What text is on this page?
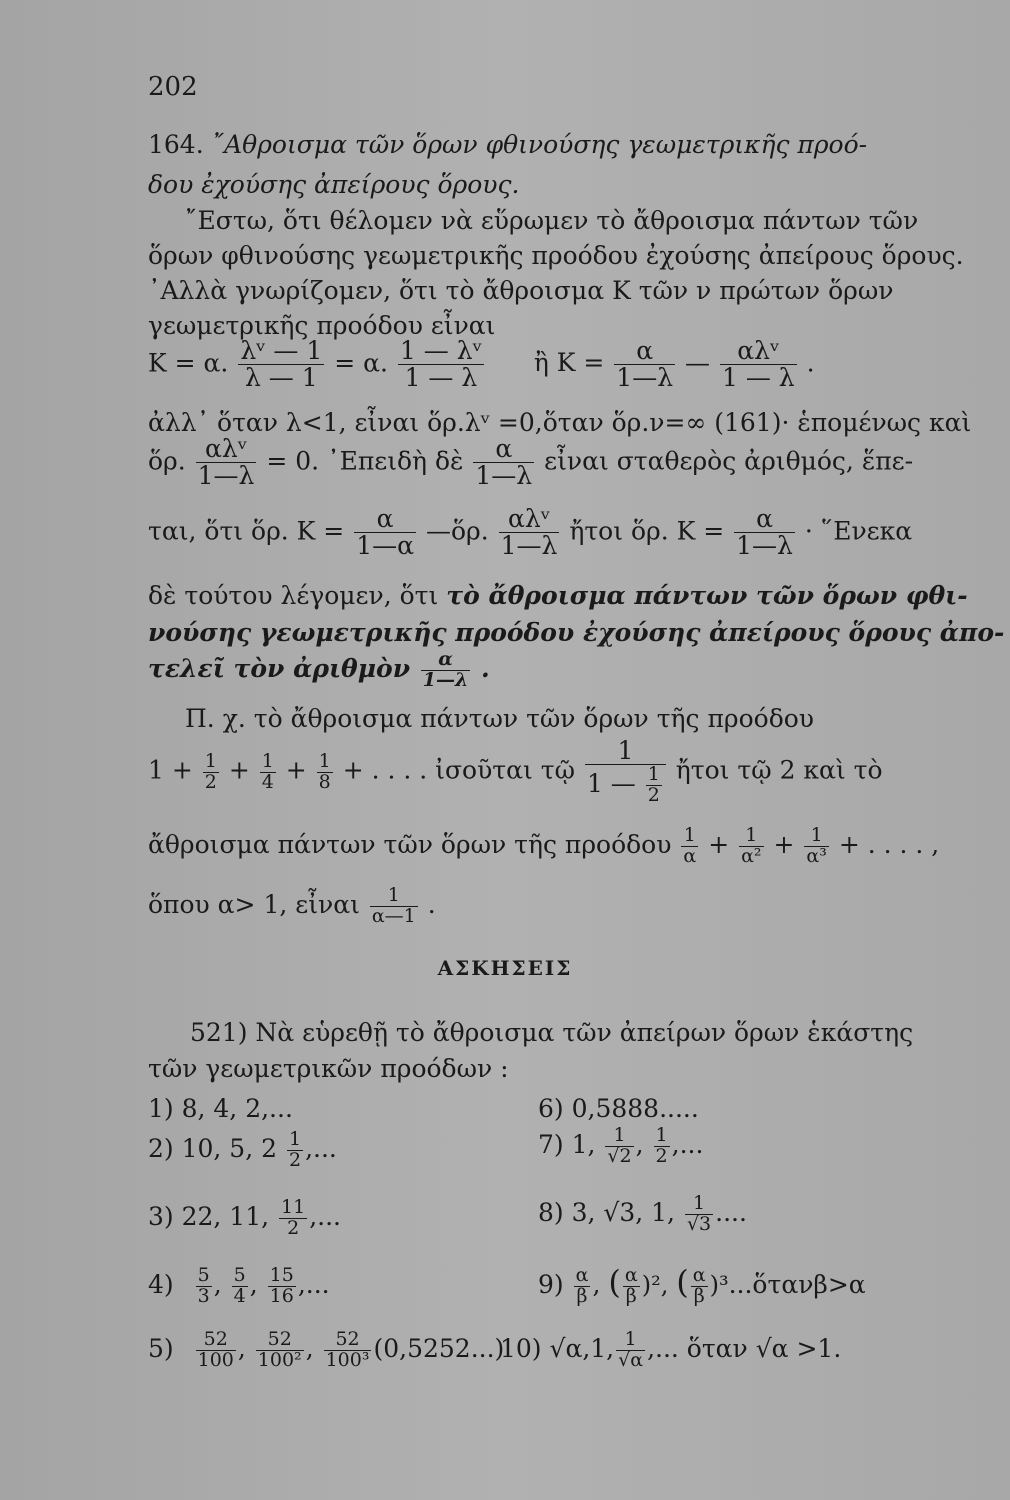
202
164. ῎Αθροισμα τῶν ὅρων φθινούσης γεωμετρικῆς προό-
δου ἐχούσης ἀπείρους ὅρους.
῎Εστω, ὅτι θέλομεν νὰ εὕρωμεν τὸ ἄθροισμα πάντων τῶν
ὅρων φθινούσης γεωμετρικῆς προόδου ἐχούσης ἀπείρους ὅρους.
᾿Αλλὰ γνωρίζομεν, ὅτι τὸ ἄθροισμα Κ τῶν ν πρώτων ὅρων
γεωμετρικῆς προόδου εἶναι
Κ = α. $\frac{\text{λᵛ — 1}}{\lambda — 1} = \alpha$. $\frac{\text{1 — λᵛ}}{1 — \lambda}$ ἢ $K = \frac{\alpha}{1—\lambda}$ — $\frac{\text{αλᵛ}}{1 — \lambda}$ .
ἀλλ᾽ ὅταν λ<1, εἶναι ὅρ.λᵛ =0,ὅταν ὅρ.ν=∞ (161)· ἑπομένως καὶ
ὅρ. $\frac{\text{αλᵛ}}{1—\lambda} = 0$. ᾿Επειδὴ δὲ $\frac{\alpha}{1—\lambda}$ εἶναι σταθερὸς ἀριθμός, ἕπε-
ται, ὅτι ὅρ. $K = \frac{\alpha}{1—\alpha}$ —ὅρ. $\frac{\text{αλᵛ}}{1—\lambda}$ ἤτοι ὅρ. $K = \frac{\alpha}{1—\lambda}$ · ῞Ενεκα
δὲ τούτου λέγομεν, ὅτι τὸ ἄθροισμα πάντων τῶν ὅρων φθι-
νούσης γεωμετρικῆς προόδου ἐχούσης ἀπείρους ὅρους ἀπο-
τελεῖ τὸν ἀριθμὸν $\frac{\alpha}{1—\lambda}$ .
Π. χ. τὸ ἄθροισμα πάντων τῶν ὅρων τῆς προόδου
$1 + \frac{1}{2} + \frac{1}{4} + \frac{1}{8}$ + . . . . ἰσοῦται τῷ $\frac{1}{1 — \frac{1}{2}}$ ἤτοι τῷ 2 καὶ τὸ
ἄθροισμα πάντων τῶν ὅρων τῆς προόδου $\frac{1}{\alpha} + \frac{1}{\text{α²}} + \frac{1}{\text{α³}}$ + . . . . ,
ὅπου α> 1, εἶναι $\frac{1}{\alpha—1}$ .
ΑΣΚΗΣΕΙΣ
521) Νὰ εὑρεθῇ τὸ ἄθροισμα τῶν ἀπείρων ὅρων ἑκάστης
τῶν γεωμετρικῶν προόδων :
1) 8, 4, 2,...
2) 10, 5, $2 \frac{1}{2}$ ,...
3) 22, 11, $\frac{11}{2}$ ,...
$4) \frac{5}{3}$ , $\frac{5}{4}$ , $\frac{15}{16}$ ,...
$5) \frac{52}{100}$ , $\frac{52}{\text{100²}}$ , $\frac{52}{\text{100³}} (0,5252...)$
6) 0,5888.....
7) 1, $\frac{1}{√2}$ , $\frac{1}{2}$ ,...
8) 3, √3, 1, $\frac{1}{√3}$ ....
$9) \frac{\alpha}{\beta}$ , ( $\frac{\alpha}{\beta} )^2$, ( $\frac{\alpha}{\beta}$ )³...ὅτανβ>α
10) √α,1, $\frac{1}{√\alpha}$ ,... ὅταν √α >1.
